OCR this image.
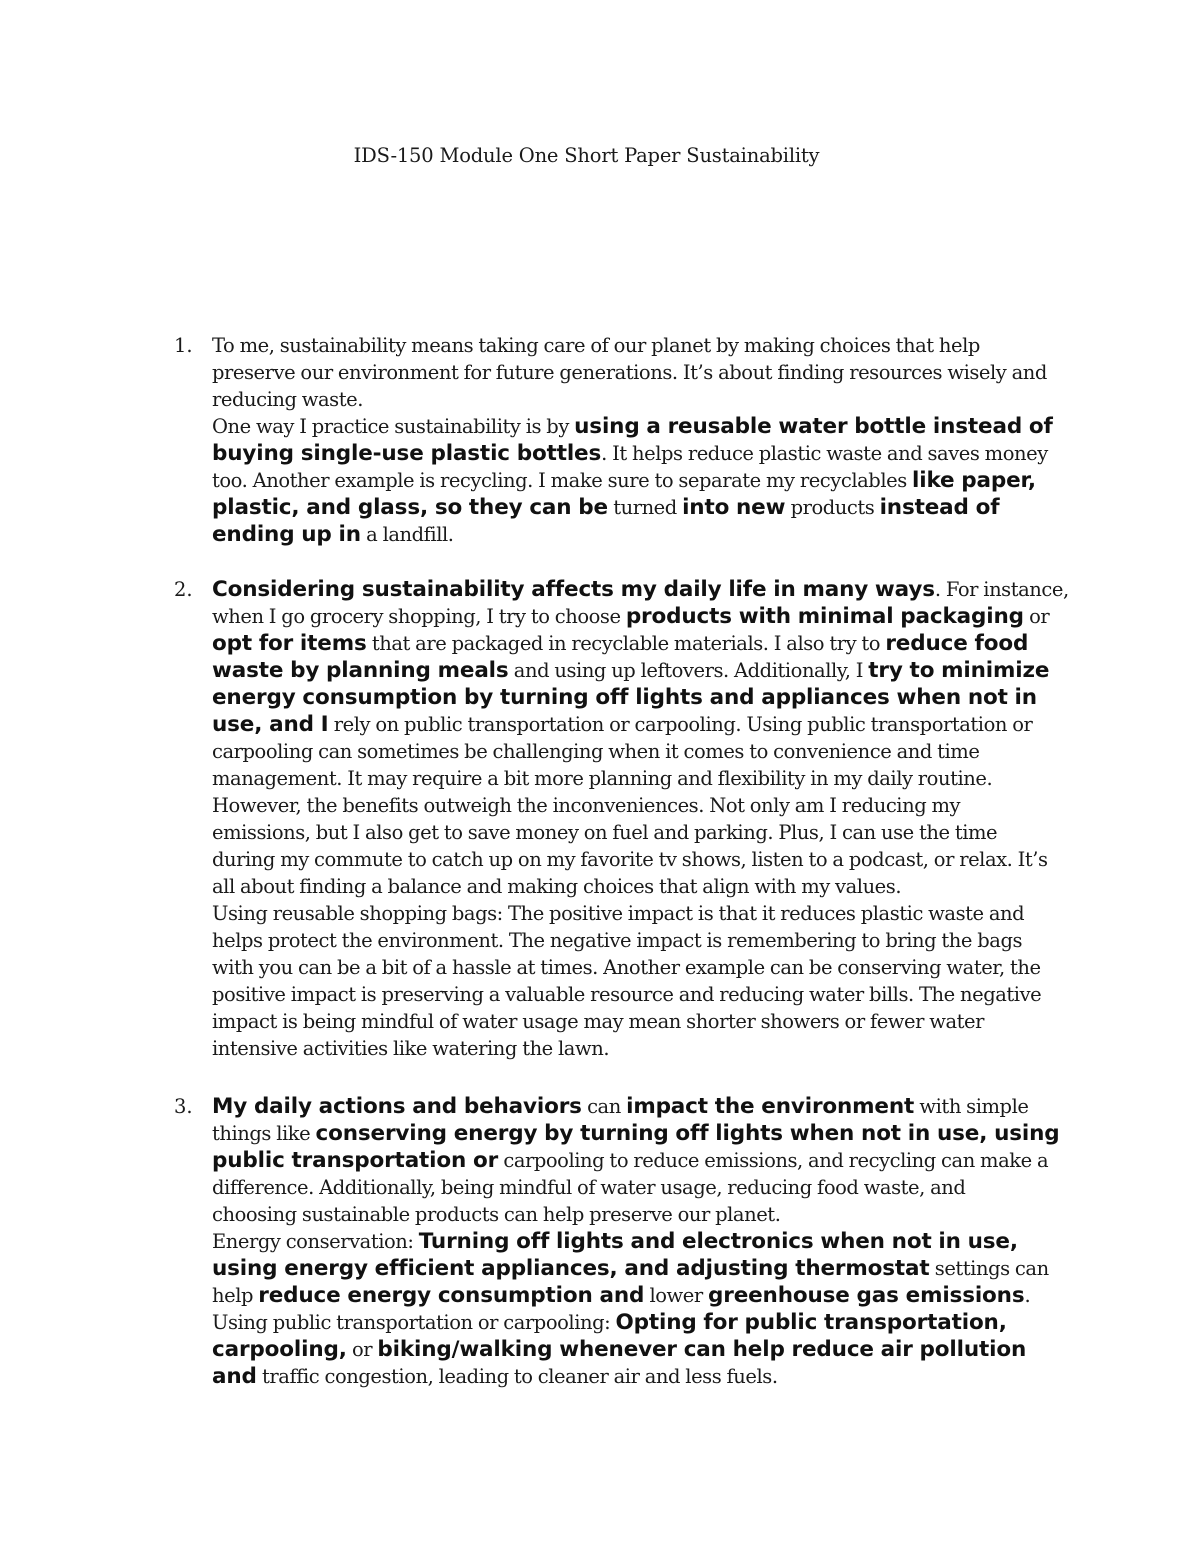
IDS-150 Module One Short Paper Sustainability
1. To me, sustainability means taking care of our planet by making choices that help
preserve our environment for future generations. It’s about finding resources wisely and
reducing waste.
One way I practice sustainability is by using a reusable water bottle instead of
buying single-use plastic bottles. It helps reduce plastic waste and saves money
too. Another example is recycling. I make sure to separate my recyclables like paper,
plastic, and glass, so they can be turned into new products instead of
ending up in a landfill.
2. Considering sustainability affects my daily life in many ways. For instance,
when I go grocery shopping, I try to choose products with minimal packaging or
opt for items that are packaged in recyclable materials. I also try to reduce food
waste by planning meals and using up leftovers. Additionally, I try to minimize
energy consumption by turning off lights and appliances when not in
use, and I rely on public transportation or carpooling. Using public transportation or
carpooling can sometimes be challenging when it comes to convenience and time
management. It may require a bit more planning and flexibility in my daily routine.
However, the benefits outweigh the inconveniences. Not only am I reducing my
emissions, but I also get to save money on fuel and parking. Plus, I can use the time
during my commute to catch up on my favorite tv shows, listen to a podcast, or relax. It’s
all about finding a balance and making choices that align with my values.
Using reusable shopping bags: The positive impact is that it reduces plastic waste and
helps protect the environment. The negative impact is remembering to bring the bags
with you can be a bit of a hassle at times. Another example can be conserving water, the
positive impact is preserving a valuable resource and reducing water bills. The negative
impact is being mindful of water usage may mean shorter showers or fewer water
intensive activities like watering the lawn.
3. My daily actions and behaviors can impact the environment with simple
things like conserving energy by turning off lights when not in use, using
public transportation or carpooling to reduce emissions, and recycling can make a
difference. Additionally, being mindful of water usage, reducing food waste, and
choosing sustainable products can help preserve our planet.
Energy conservation: Turning off lights and electronics when not in use,
using energy efficient appliances, and adjusting thermostat settings can
help reduce energy consumption and lower greenhouse gas emissions.
Using public transportation or carpooling: Opting for public transportation,
carpooling, or biking/walking whenever can help reduce air pollution
and traffic congestion, leading to cleaner air and less fuels.
